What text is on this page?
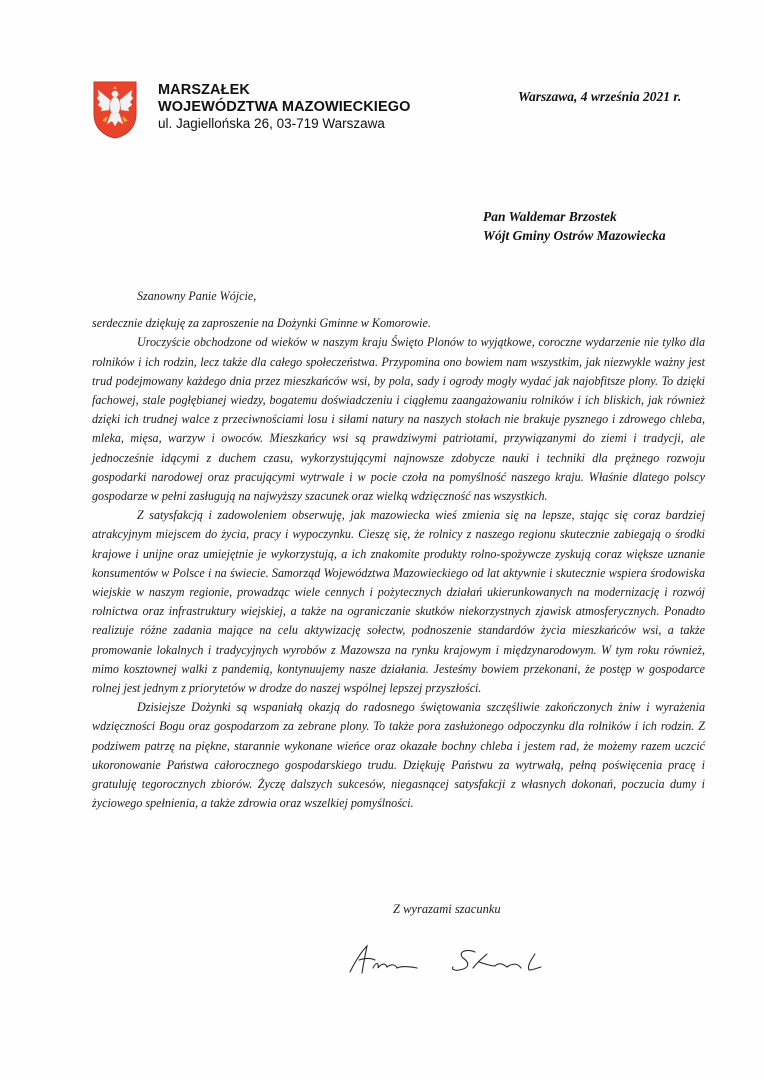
MARSZAŁEK
WOJEWÓDZTWA MAZOWIECKIEGO
ul. Jagiellońska 26, 03-719 Warszawa
Warszawa, 4 września 2021 r.
Pan Waldemar Brzostek
Wójt Gminy Ostrów Mazowiecka
Szanowny Panie Wójcie,

serdecznie dziękuję za zaproszenie na Dożynki Gminne w Komorowie.

Uroczyście obchodzone od wieków w naszym kraju Święto Plonów to wyjątkowe, coroczne wydarzenie nie tylko dla rolników i ich rodzin, lecz także dla całego społeczeństwa. Przypomina ono bowiem nam wszystkim, jak niezwykle ważny jest trud podejmowany każdego dnia przez mieszkańców wsi, by pola, sady i ogrody mogły wydać jak najobfitsze plony. To dzięki fachowej, stale pogłębianej wiedzy, bogatemu doświadczeniu i ciągłemu zaangażowaniu rolników i ich bliskich, jak również dzięki ich trudnej walce z przeciwnościami losu i siłami natury na naszych stołach nie brakuje pysznego i zdrowego chleba, mleka, mięsa, warzyw i owoców. Mieszkańcy wsi są prawdziwymi patriotami, przywiązanymi do ziemi i tradycji, ale jednocześnie idącymi z duchem czasu, wykorzystującymi najnowsze zdobycze nauki i techniki dla prężnego rozwoju gospodarki narodowej oraz pracującymi wytrwale i w pocie czoła na pomyślność naszego kraju. Właśnie dlatego polscy gospodarze w pełni zasługują na najwyższy szacunek oraz wielką wdzięczność nas wszystkich.

Z satysfakcją i zadowoleniem obserwuję, jak mazowiecka wieś zmienia się na lepsze, stając się coraz bardziej atrakcyjnym miejscem do życia, pracy i wypoczynku. Cieszę się, że rolnicy z naszego regionu skutecznie zabiegają o środki krajowe i unijne oraz umiejętnie je wykorzystują, a ich znakomite produkty rolno-spożywcze zyskują coraz większe uznanie konsumentów w Polsce i na świecie. Samorząd Województwa Mazowieckiego od lat aktywnie i skutecznie wspiera środowiska wiejskie w naszym regionie, prowadząc wiele cennych i pożytecznych działań ukierunkowanych na modernizację i rozwój rolnictwa oraz infrastruktury wiejskiej, a także na ograniczanie skutków niekorzystnych zjawisk atmosferycznych. Ponadto realizuje różne zadania mające na celu aktywizację sołectw, podnoszenie standardów życia mieszkańców wsi, a także promowanie lokalnych i tradycyjnych wyrobów z Mazowsza na rynku krajowym i międzynarodowym. W tym roku również, mimo kosztownej walki z pandemią, kontynuujemy nasze działania. Jesteśmy bowiem przekonani, że postęp w gospodarce rolnej jest jednym z priorytetów w drodze do naszej wspólnej lepszej przyszłości.

Dzisiejsze Dożynki są wspaniałą okazją do radosnego świętowania szczęśliwie zakończonych żniw i wyrażenia wdzięczności Bogu oraz gospodarzom za zebrane plony. To także pora zasłużonego odpoczynku dla rolników i ich rodzin. Z podziwem patrzę na piękne, starannie wykonane wieńce oraz okazałe bochny chleba i jestem rad, że możemy razem uczcić ukoronowanie Państwa całorocznego gospodarskiego trudu. Dziękuję Państwu za wytrwałą, pełną poświęcenia pracę i gratuluję tegorocznych zbiorów. Życzę dalszych sukcesów, niegasnącej satysfakcji z własnych dokonań, poczucia dumy i życiowego spełnienia, a także zdrowia oraz wszelkiej pomyślności.

Z wyrazami szacunku
